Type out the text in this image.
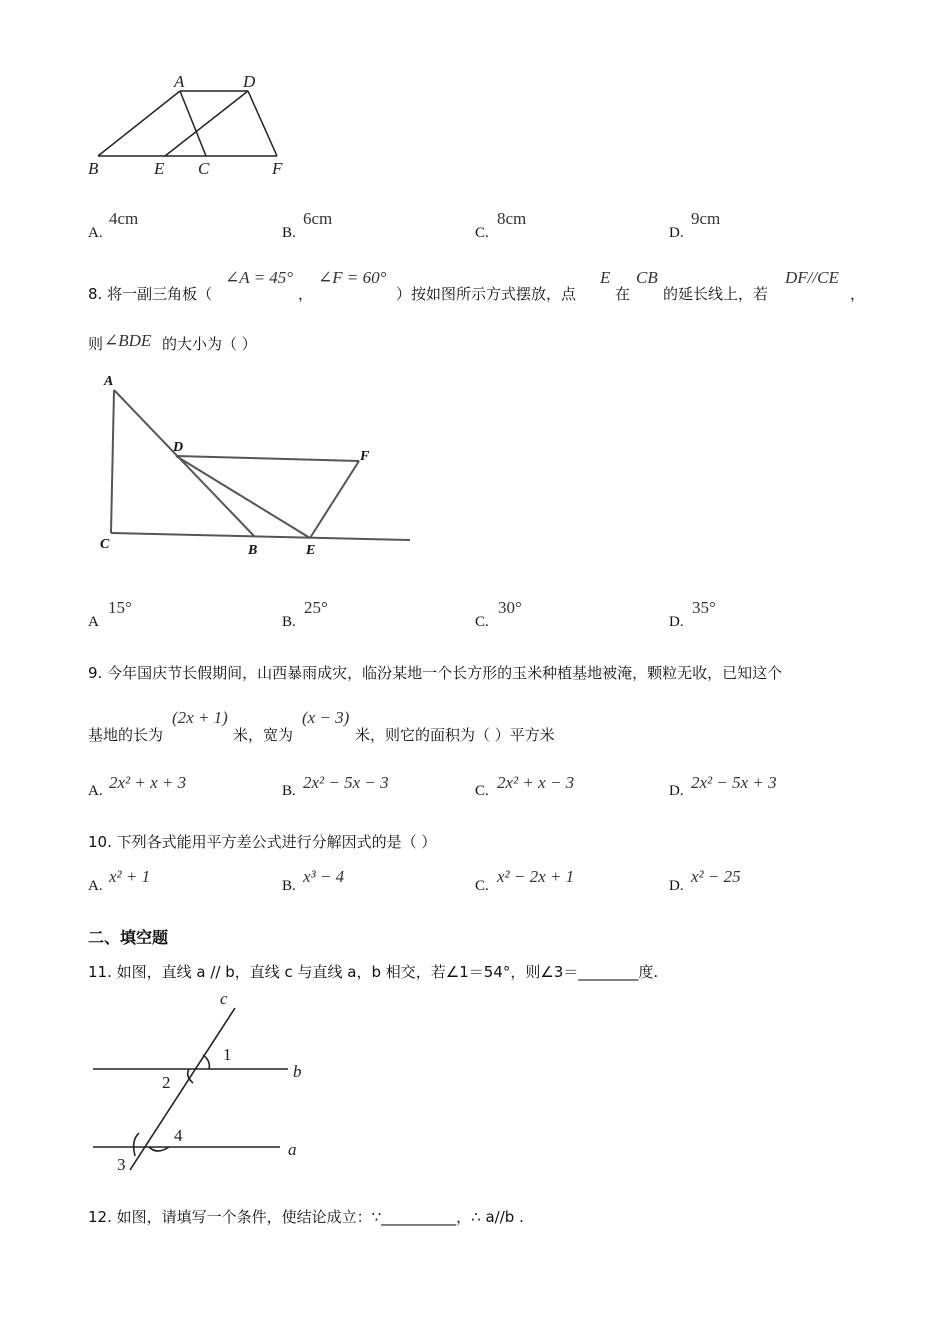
A	D
B	E C	F
A.
4cm
B.
6cm
C.
8cm
D.
9cm
8. 将一副三角板（
∠A = 45°
，
∠F = 60°
）按如图所示方式摆放，点
E
在
CB
的延长线上，若
DF//CE
，
则 ∠BDE 的大小为（ ）
A
D
F
C	B	E
A
15°
B.
25°
C.
30°
D.
35°
9. 今年国庆节长假期间，山西暴雨成灾，临汾某地一个长方形的玉米种植基地被淹，颗粒无收，已知这个
基地的长为
(2x + 1)
米，宽为
(x − 3)
米，则它的面积为（ ）平方米
A. 2x² + x + 3	B. 2x² − 5x − 3	C. 2x² + x − 3	D. 2x² − 5x + 3
10. 下列各式能用平方差公式进行分解因式的是（ ）
A. x² + 1	B. x³ − 4	C. x² − 2x + 1	D. x² − 25
二、填空题
11. 如图，直线 a // b，直线 c 与直线 a，b 相交，若∠1＝54°，则∠3＝________度.
c
b
a
1
2
4
3
12. 如图，请填写一个条件，使结论成立：∵__________，∴ a//b .
